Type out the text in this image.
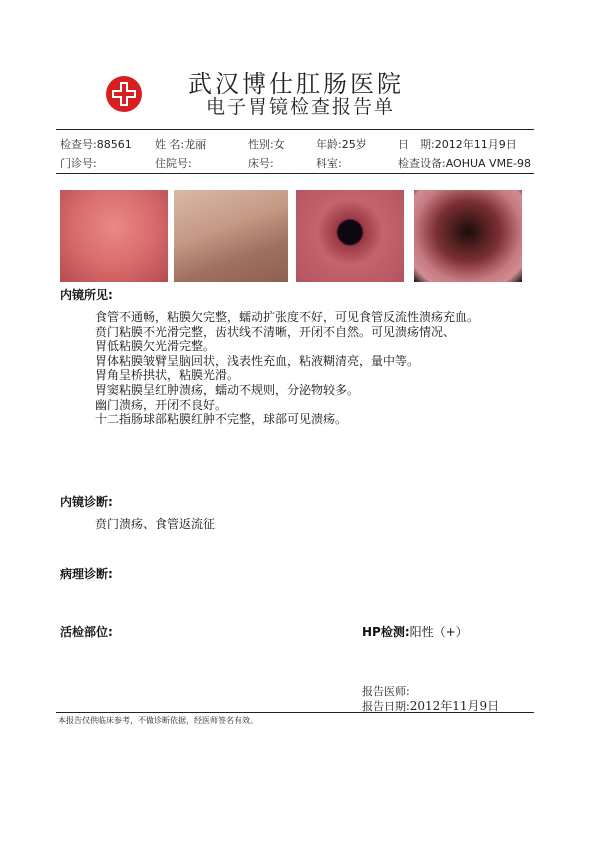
武汉博仕肛肠医院
电子胃镜检查报告单
检查号:88561 姓 名:龙丽	性别:女	年龄:25岁	日　期:2012年11月9日
门诊号:	住院号:	床号:	科室:	检查设备:AOHUA VME-98
内镜所见:
食管不通畅，粘膜欠完整，蠕动扩张度不好，可见食管反流性溃疡充血。
贲门粘膜不光滑完整，齿状线不清晰，开闭不自然。可见溃疡情况、
胃低粘膜欠光滑完整。
胃体粘膜皱臂呈脑回状，浅表性充血，粘液糊清亮，量中等。
胃角呈桥拱状，粘膜光滑。
胃窦粘膜呈红肿溃疡，蠕动不规则，分泌物较多。
幽门溃疡，开闭不良好。
十二指肠球部粘膜红肿不完整，球部可见溃疡。
内镜诊断:
贲门溃疡、食管返流征
病理诊断:
活检部位:	HP检测:阳性（+）
报告医师:
报告日期:2012年11月9日
本报告仅供临床参考，不做诊断依据，经医师签名有效。
